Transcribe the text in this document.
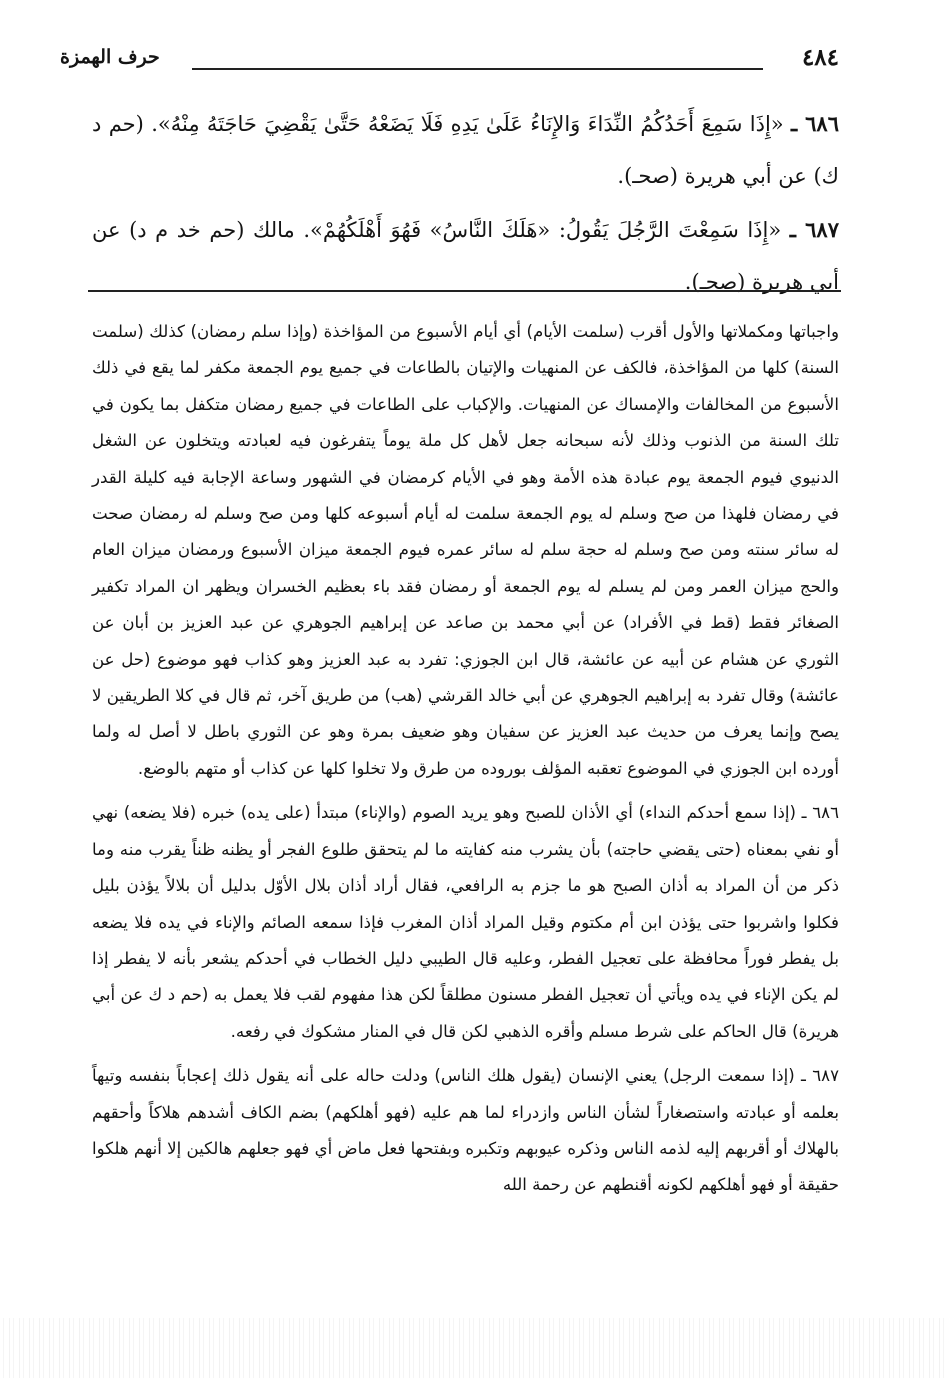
٤٨٤
حرف الهمزة

٦٨٦ ـ «إِذَا سَمِعَ أَحَدُكُمُ النِّدَاءَ وَالإِنَاءُ عَلَىٰ يَدِهِ فَلَا يَضَعْهُ حَتَّىٰ يَقْضِيَ حَاجَتَهُ مِنْهُ». (حم د ك) عن أبي هريرة (صحـ).

٦٨٧ ـ «إِذَا سَمِعْتَ الرَّجُلَ يَقُولُ: «هَلَكَ النَّاسُ» فَهُوَ أَهْلَكُهُمْ». مالك (حم خد م د) عن أبي هريرة (صحـ).

واجباتها ومكملاتها والأول أقرب (سلمت الأيام) أي أيام الأسبوع من المؤاخذة (وإذا سلم رمضان) كذلك (سلمت السنة) كلها من المؤاخذة، فالكف عن المنهيات والإتيان بالطاعات في جميع يوم الجمعة مكفر لما يقع في ذلك الأسبوع من المخالفات والإمساك عن المنهيات. والإكباب على الطاعات في جميع رمضان متكفل بما يكون في تلك السنة من الذنوب وذلك لأنه سبحانه جعل لأهل كل ملة يوماً يتفرغون فيه لعبادته ويتخلون عن الشغل الدنيوي فيوم الجمعة يوم عبادة هذه الأمة وهو في الأيام كرمضان في الشهور وساعة الإجابة فيه كليلة القدر في رمضان فلهذا من صح وسلم له يوم الجمعة سلمت له أيام أسبوعه كلها ومن صح وسلم له رمضان صحت له سائر سنته ومن صح وسلم له حجة سلم له سائر عمره فيوم الجمعة ميزان الأسبوع ورمضان ميزان العام والحج ميزان العمر ومن لم يسلم له يوم الجمعة أو رمضان فقد باء بعظيم الخسران ويظهر ان المراد تكفير الصغائر فقط (قط في الأفراد) عن أبي محمد بن صاعد عن إبراهيم الجوهري عن عبد العزيز بن أبان عن الثوري عن هشام عن أبيه عن عائشة، قال ابن الجوزي: تفرد به عبد العزيز وهو كذاب فهو موضوع (حل عن عائشة) وقال تفرد به إبراهيم الجوهري عن أبي خالد القرشي (هب) من طريق آخر، ثم قال في كلا الطريقين لا يصح وإنما يعرف من حديث عبد العزيز عن سفيان وهو ضعيف بمرة وهو عن الثوري باطل لا أصل له ولما أورده ابن الجوزي في الموضوع تعقبه المؤلف بوروده من طرق ولا تخلوا كلها عن كذاب أو متهم بالوضع.

٦٨٦ ـ (إذا سمع أحدكم النداء) أي الأذان للصبح وهو يريد الصوم (والإناء) مبتدأ (على يده) خبره (فلا يضعه) نهي أو نفي بمعناه (حتى يقضي حاجته) بأن يشرب منه كفايته ما لم يتحقق طلوع الفجر أو يظنه ظناً يقرب منه وما ذكر من أن المراد به أذان الصبح هو ما جزم به الرافعي، فقال أراد أذان بلال الأوّل بدليل أن بلالاً يؤذن بليل فكلوا واشربوا حتى يؤذن ابن أم مكتوم وقيل المراد أذان المغرب فإذا سمعه الصائم والإناء في يده فلا يضعه بل يفطر فوراً محافظة على تعجيل الفطر، وعليه قال الطيبي دليل الخطاب في أحدكم يشعر بأنه لا يفطر إذا لم يكن الإناء في يده ويأتي أن تعجيل الفطر مسنون مطلقاً لكن هذا مفهوم لقب فلا يعمل به (حم د ك عن أبي هريرة) قال الحاكم على شرط مسلم وأقره الذهبي لكن قال في المنار مشكوك في رفعه.

٦٨٧ ـ (إذا سمعت الرجل) يعني الإنسان (يقول هلك الناس) ودلت حاله على أنه يقول ذلك إعجاباً بنفسه وتيهاً بعلمه أو عبادته واستصغاراً لشأن الناس وازدراء لما هم عليه (فهو أهلكهم) بضم الكاف أشدهم هلاكاً وأحقهم بالهلاك أو أقربهم إليه لذمه الناس وذكره عيوبهم وتكبره وبفتحها فعل ماض أي فهو جعلهم هالكين إلا أنهم هلكوا حقيقة أو فهو أهلكهم لكونه أقنطهم عن رحمة الله
